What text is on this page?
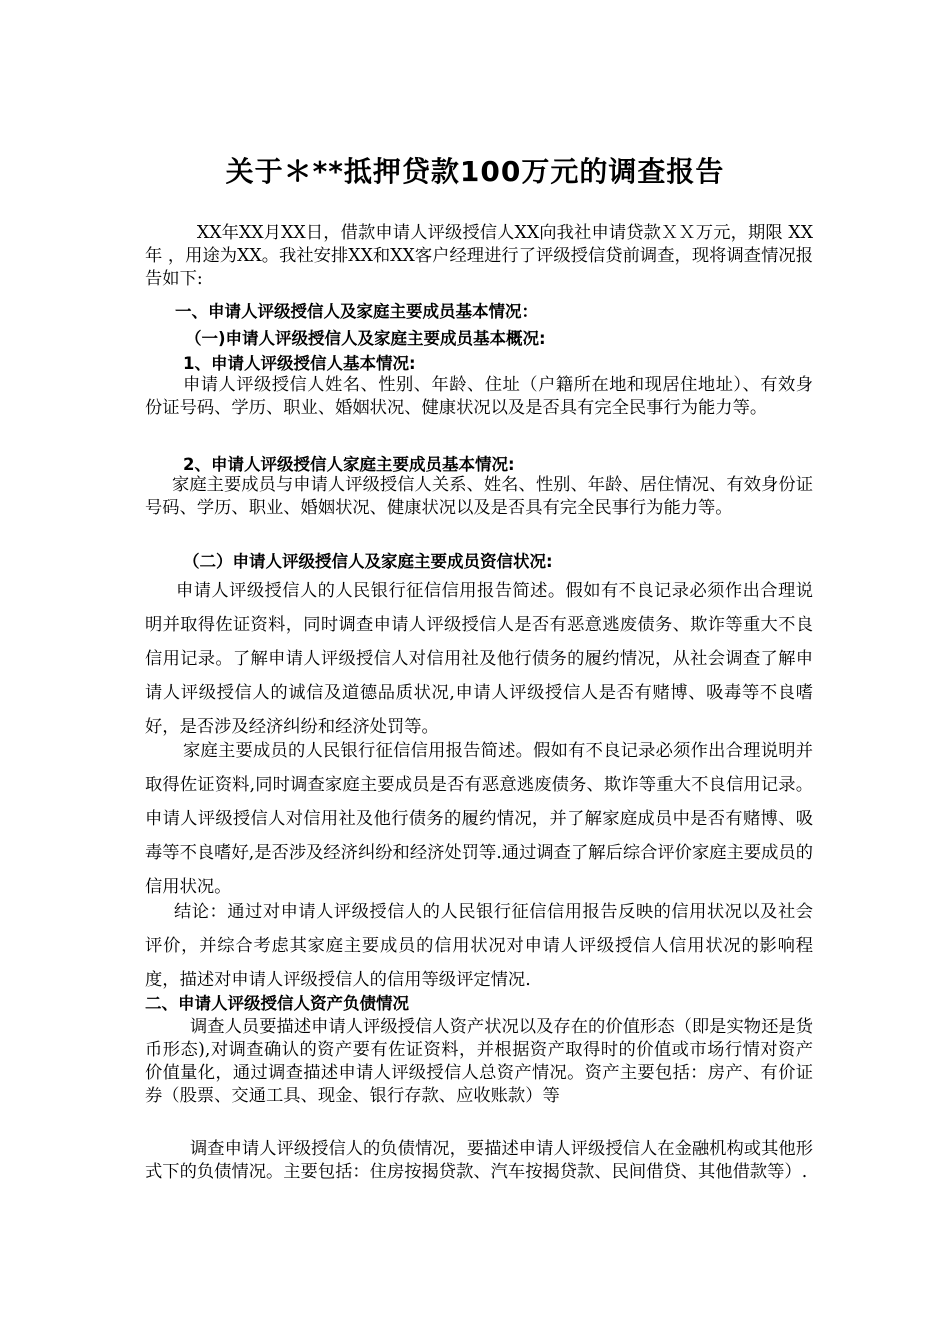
关于＊**抵押贷款100万元的调查报告
XX年XX月XX日，借款申请人评级授信人XX向我社申请贷款ＸＸ万元，期限 XX年 ，用途为XX。我社安排XX和XX客户经理进行了评级授信贷前调查，现将调查情况报告如下:
一、申请人评级授信人及家庭主要成员基本情况：
（一)申请人评级授信人及家庭主要成员基本概况:
1、申请人评级授信人基本情况:
申请人评级授信人姓名、性别、年龄、住址（户籍所在地和现居住地址）、有效身份证号码、学历、职业、婚姻状况、健康状况以及是否具有完全民事行为能力等。
2、申请人评级授信人家庭主要成员基本情况:
家庭主要成员与申请人评级授信人关系、姓名、性别、年龄、居住情况、有效身份证号码、学历、职业、婚姻状况、健康状况以及是否具有完全民事行为能力等。
（二）申请人评级授信人及家庭主要成员资信状况:
申请人评级授信人的人民银行征信信用报告简述。假如有不良记录必须作出合理说明并取得佐证资料，同时调查申请人评级授信人是否有恶意逃废债务、欺诈等重大不良信用记录。了解申请人评级授信人对信用社及他行债务的履约情况，从社会调查了解申请人评级授信人的诚信及道德品质状况,申请人评级授信人是否有赌博、吸毒等不良嗜好，是否涉及经济纠纷和经济处罚等。
家庭主要成员的人民银行征信信用报告简述。假如有不良记录必须作出合理说明并取得佐证资料,同时调查家庭主要成员是否有恶意逃废债务、欺诈等重大不良信用记录。申请人评级授信人对信用社及他行债务的履约情况，并了解家庭成员中是否有赌博、吸毒等不良嗜好,是否涉及经济纠纷和经济处罚等.通过调查了解后综合评价家庭主要成员的信用状况。
结论：通过对申请人评级授信人的人民银行征信信用报告反映的信用状况以及社会评价，并综合考虑其家庭主要成员的信用状况对申请人评级授信人信用状况的影响程度，描述对申请人评级授信人的信用等级评定情况.
二、申请人评级授信人资产负债情况
调查人员要描述申请人评级授信人资产状况以及存在的价值形态（即是实物还是货币形态),对调查确认的资产要有佐证资料，并根据资产取得时的价值或市场行情对资产价值量化，通过调查描述申请人评级授信人总资产情况。资产主要包括：房产、有价证券（股票、交通工具、现金、银行存款、应收账款）等
调查申请人评级授信人的负债情况，要描述申请人评级授信人在金融机构或其他形式下的负债情况。主要包括：住房按揭贷款、汽车按揭贷款、民间借贷、其他借款等）.
